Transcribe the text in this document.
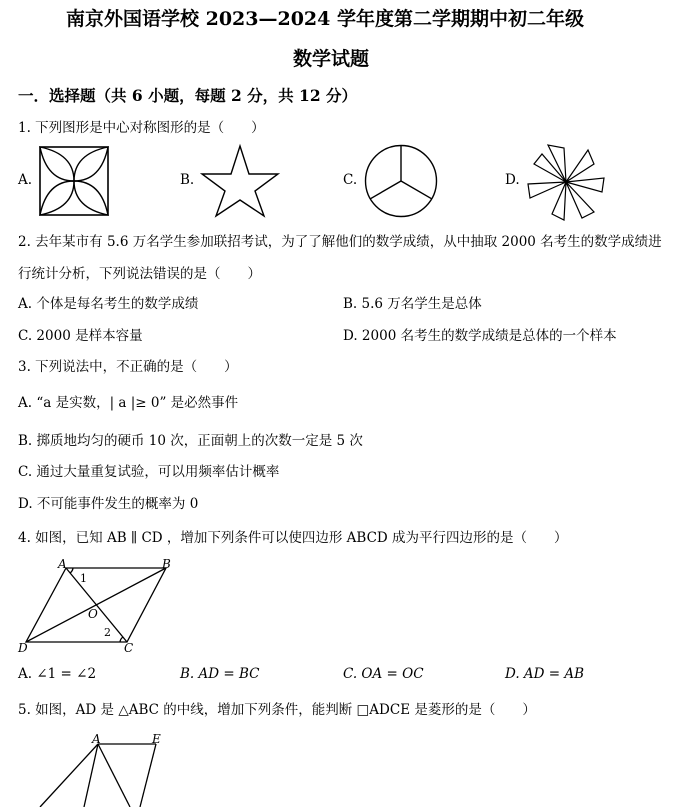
南京外国语学校 2023—2024 学年度第二学期期中初二年级
数学试题
一．选择题（共 6 小题，每题 2 分，共 12 分）
1. 下列图形是中心对称图形的是（　　）
A.	B.	C.	D.
2. 去年某市有 5.6 万名学生参加联招考试，为了了解他们的数学成绩，从中抽取 2000 名考生的数学成绩进
行统计分析，下列说法错误的是（　　）
A. 个体是每名考生的数学成绩	B. 5.6 万名学生是总体
C. 2000 是样本容量	D. 2000 名考生的数学成绩是总体的一个样本
3. 下列说法中，不正确的是（　　）
A. “a 是实数，| a |≥ 0” 是必然事件
B. 掷质地均匀的硬币 10 次，正面朝上的次数一定是 5 次
C. 通过大量重复试验，可以用频率估计概率
D. 不可能事件发生的概率为 0
4. 如图，已知 AB ∥ CD ，增加下列条件可以使四边形 ABCD 成为平行四边形的是（　　）
A	B
C
D
O
1
2
A. ∠1 = ∠2	B. AD = BC	C. OA = OC	D. AD = AB
5. 如图，AD 是 △ABC 的中线，增加下列条件，能判断 □ADCE 是菱形的是（　　）
A	E
